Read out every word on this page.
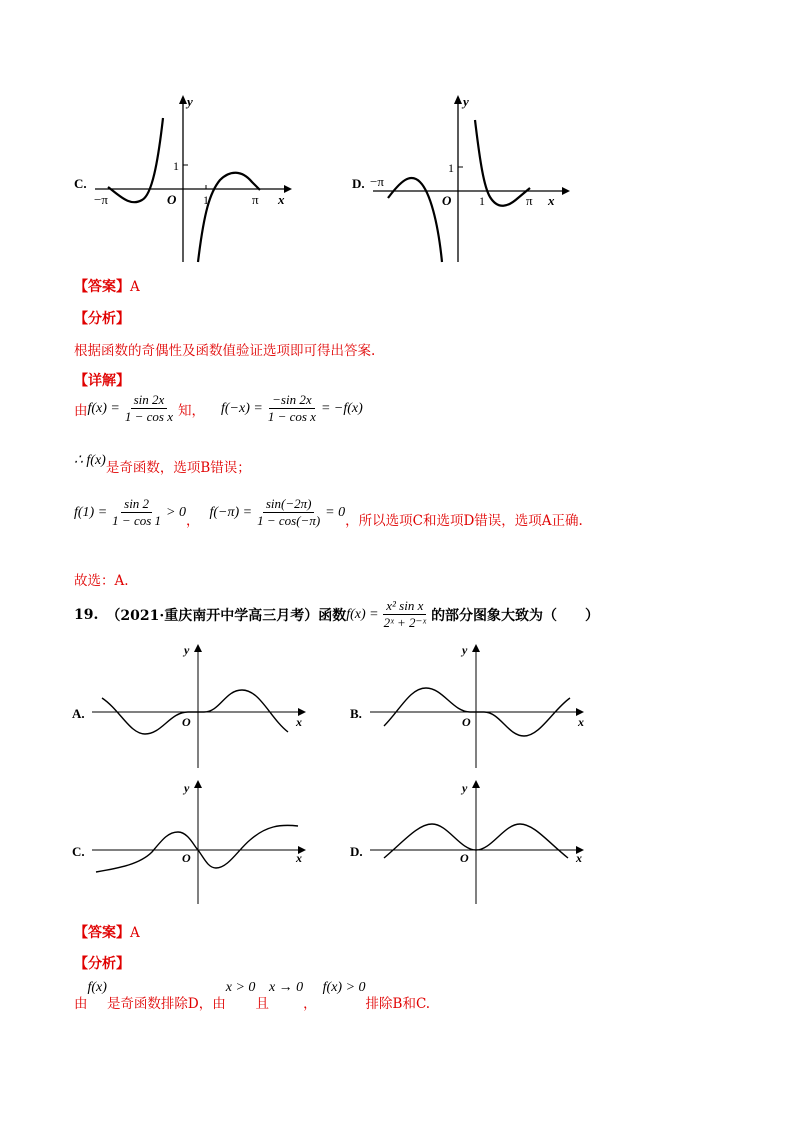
C.
y
x
O
1
1	π
−π
D.
y
x
O
1
1	π
−π
【答案】A
【分析】
根据函数的奇偶性及函数值验证选项即可得出答案.
【详解】
由 $f(x) = \frac{\sin 2x}{\text{1 − cos x}}$ 知， $f(-x) = \frac{-\sin 2x}{\text{1 − cos x}} = -f(x)$
∴ f(x) 是奇函数，选项B错误；
$f(1) = \frac{\sin 2}{1 - \cos 1} > 0$
，
$f(-\pi) = \frac{\sin(-2\pi)}{1 - \cos(-\pi)} = 0$
，所以选项C和选项D错误，选项A正确.
故选：A.
19. （2021·重庆南开中学高三月考）函数 $f(x) = \frac{\text{x² sin x}}{\text{2ˣ + 2⁻ˣ}}$ 的部分图象大致为（　　）
A.
y
x
O
B.
y
x
O
C.
y
x
O	D.
y
x
O
【答案】A
【分析】
由
f(x)
是奇函数排除D，由
x > 0
且
x → 0
，
f(x) > 0
排除B和C.
